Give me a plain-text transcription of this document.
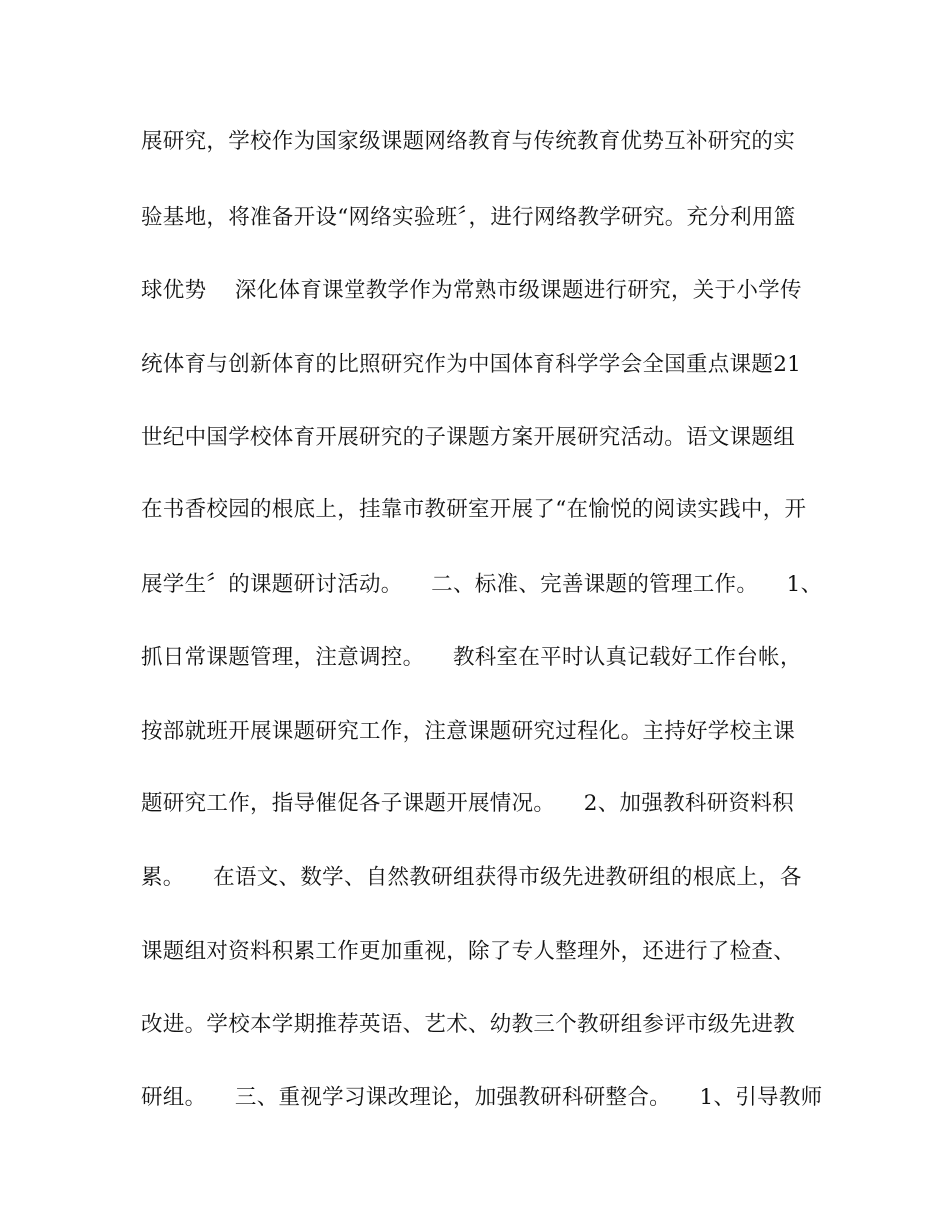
展研究，学校作为国家级课题网络教育与传统教育优势互补研究的实
验基地，将准备开设“网络实验班〞，进行网络教学研究。充分利用篮
球优势    深化体育课堂教学作为常熟市级课题进行研究，关于小学传
统体育与创新体育的比照研究作为中国体育科学学会全国重点课题21
世纪中国学校体育开展研究的子课题方案开展研究活动。语文课题组
在书香校园的根底上，挂靠市教研室开展了“在愉悦的阅读实践中，开
展学生〞的课题研讨活动。    二、标准、完善课题的管理工作。    1、
抓日常课题管理，注意调控。    教科室在平时认真记载好工作台帐，
按部就班开展课题研究工作，注意课题研究过程化。主持好学校主课
题研究工作，指导催促各子课题开展情况。    2、加强教科研资料积
累。    在语文、数学、自然教研组获得市级先进教研组的根底上，各
课题组对资料积累工作更加重视，除了专人整理外，还进行了检查、
改进。学校本学期推荐英语、艺术、幼教三个教研组参评市级先进教
研组。    三、重视学习课改理论，加强教研科研整合。    1、引导教师
